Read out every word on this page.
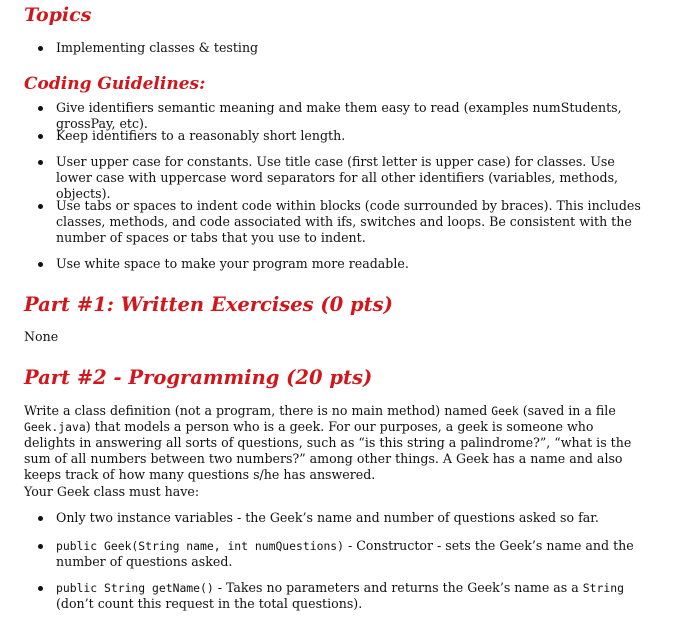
Topics
Implementing classes & testing
Coding Guidelines:
Give identifiers semantic meaning and make them easy to read (examples numStudents, grossPay, etc).
Keep identifiers to a reasonably short length.
User upper case for constants. Use title case (first letter is upper case) for classes. Use lower case with uppercase word separators for all other identifiers (variables, methods, objects).
Use tabs or spaces to indent code within blocks (code surrounded by braces). This includes classes, methods, and code associated with ifs, switches and loops. Be consistent with the number of spaces or tabs that you use to indent.
Use white space to make your program more readable.
Part #1: Written Exercises (0 pts)

None

Part #2 - Programming (20 pts)

Write a class definition (not a program, there is no main method) named Geek (saved in a file Geek.java) that models a person who is a geek. For our purposes, a geek is someone who delights in answering all sorts of questions, such as “is this string a palindrome?”, “what is the sum of all numbers between two numbers?” among other things. A Geek has a name and also keeps track of how many questions s/he has answered.

Your Geek class must have:

Only two instance variables - the Geek’s name and number of questions asked so far.
public Geek(String name, int numQuestions) - Constructor - sets the Geek’s name and the number of questions asked.
public String getName() - Takes no parameters and returns the Geek’s name as a String (don’t count this request in the total questions).
